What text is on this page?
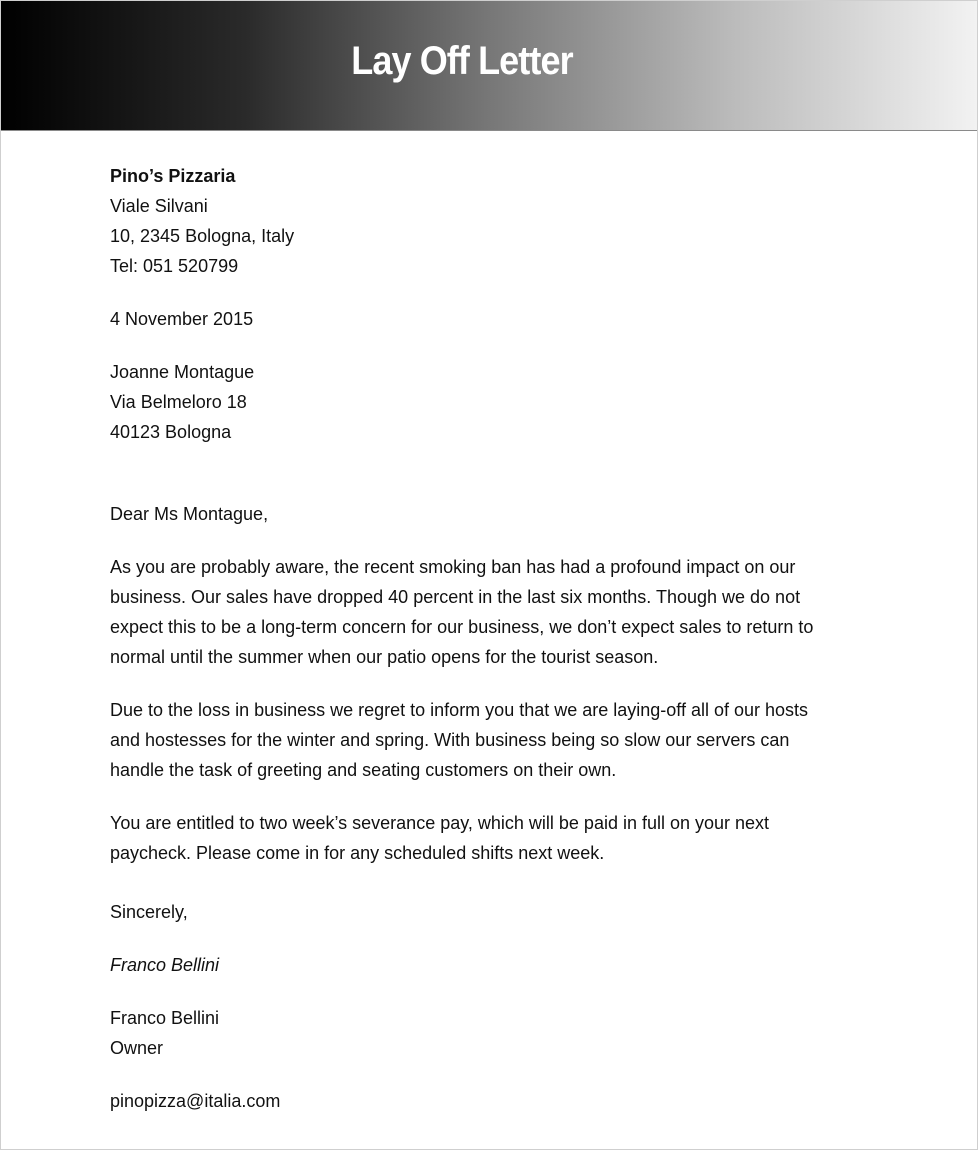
Lay Off Letter
Pino’s Pizzaria
Viale Silvani
10, 2345 Bologna, Italy
Tel: 051 520799
4 November 2015
Joanne Montague
Via Belmeloro 18
40123 Bologna
Dear Ms Montague,
As you are probably aware, the recent smoking ban has had a profound impact on our
business. Our sales have dropped 40 percent in the last six months. Though we do not
expect this to be a long-term concern for our business, we don’t expect sales to return to
normal until the summer when our patio opens for the tourist season.
Due to the loss in business we regret to inform you that we are laying-off all of our hosts
and hostesses for the winter and spring. With business being so slow our servers can
handle the task of greeting and seating customers on their own.
You are entitled to two week’s severance pay, which will be paid in full on your next
paycheck. Please come in for any scheduled shifts next week.
Sincerely,
Franco Bellini
Franco Bellini
Owner
pinopizza@italia.com
